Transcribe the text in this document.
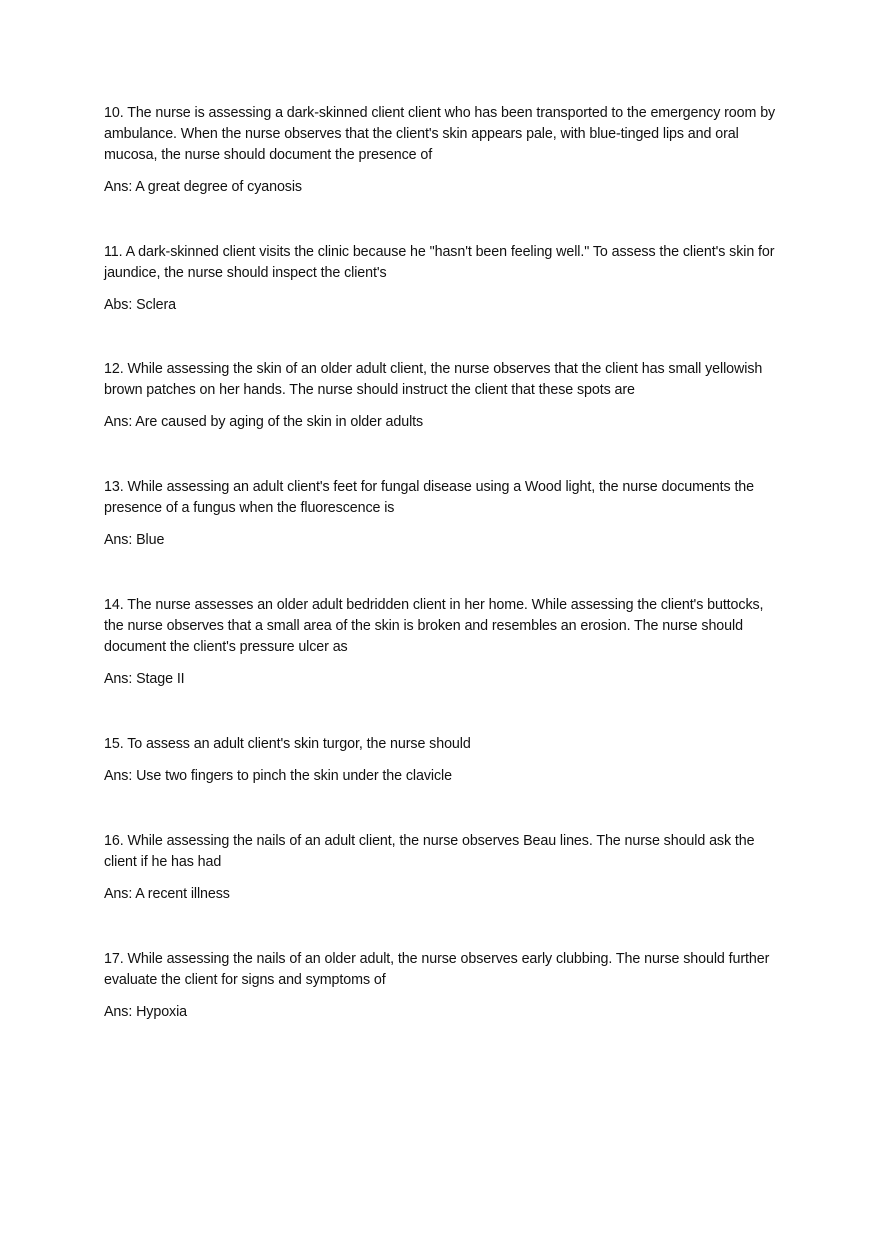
10. The nurse is assessing a dark-skinned client client who has been transported to the emergency room by ambulance. When the nurse observes that the client's skin appears pale, with blue-tinged lips and oral mucosa, the nurse should document the presence of

Ans: A great degree of cyanosis

11. A dark-skinned client visits the clinic because he "hasn't been feeling well." To assess the client's skin for jaundice, the nurse should inspect the client's

Abs: Sclera

12. While assessing the skin of an older adult client, the nurse observes that the client has small yellowish brown patches on her hands. The nurse should instruct the client that these spots are

Ans: Are caused by aging of the skin in older adults

13. While assessing an adult client's feet for fungal disease using a Wood light, the nurse documents the presence of a fungus when the fluorescence is

Ans: Blue

14. The nurse assesses an older adult bedridden client in her home. While assessing the client's buttocks, the nurse observes that a small area of the skin is broken and resembles an erosion. The nurse should document the client's pressure ulcer as

Ans: Stage II

15. To assess an adult client's skin turgor, the nurse should

Ans: Use two fingers to pinch the skin under the clavicle

16. While assessing the nails of an adult client, the nurse observes Beau lines. The nurse should ask the client if he has had

Ans: A recent illness

17. While assessing the nails of an older adult, the nurse observes early clubbing. The nurse should further evaluate the client for signs and symptoms of

Ans: Hypoxia
